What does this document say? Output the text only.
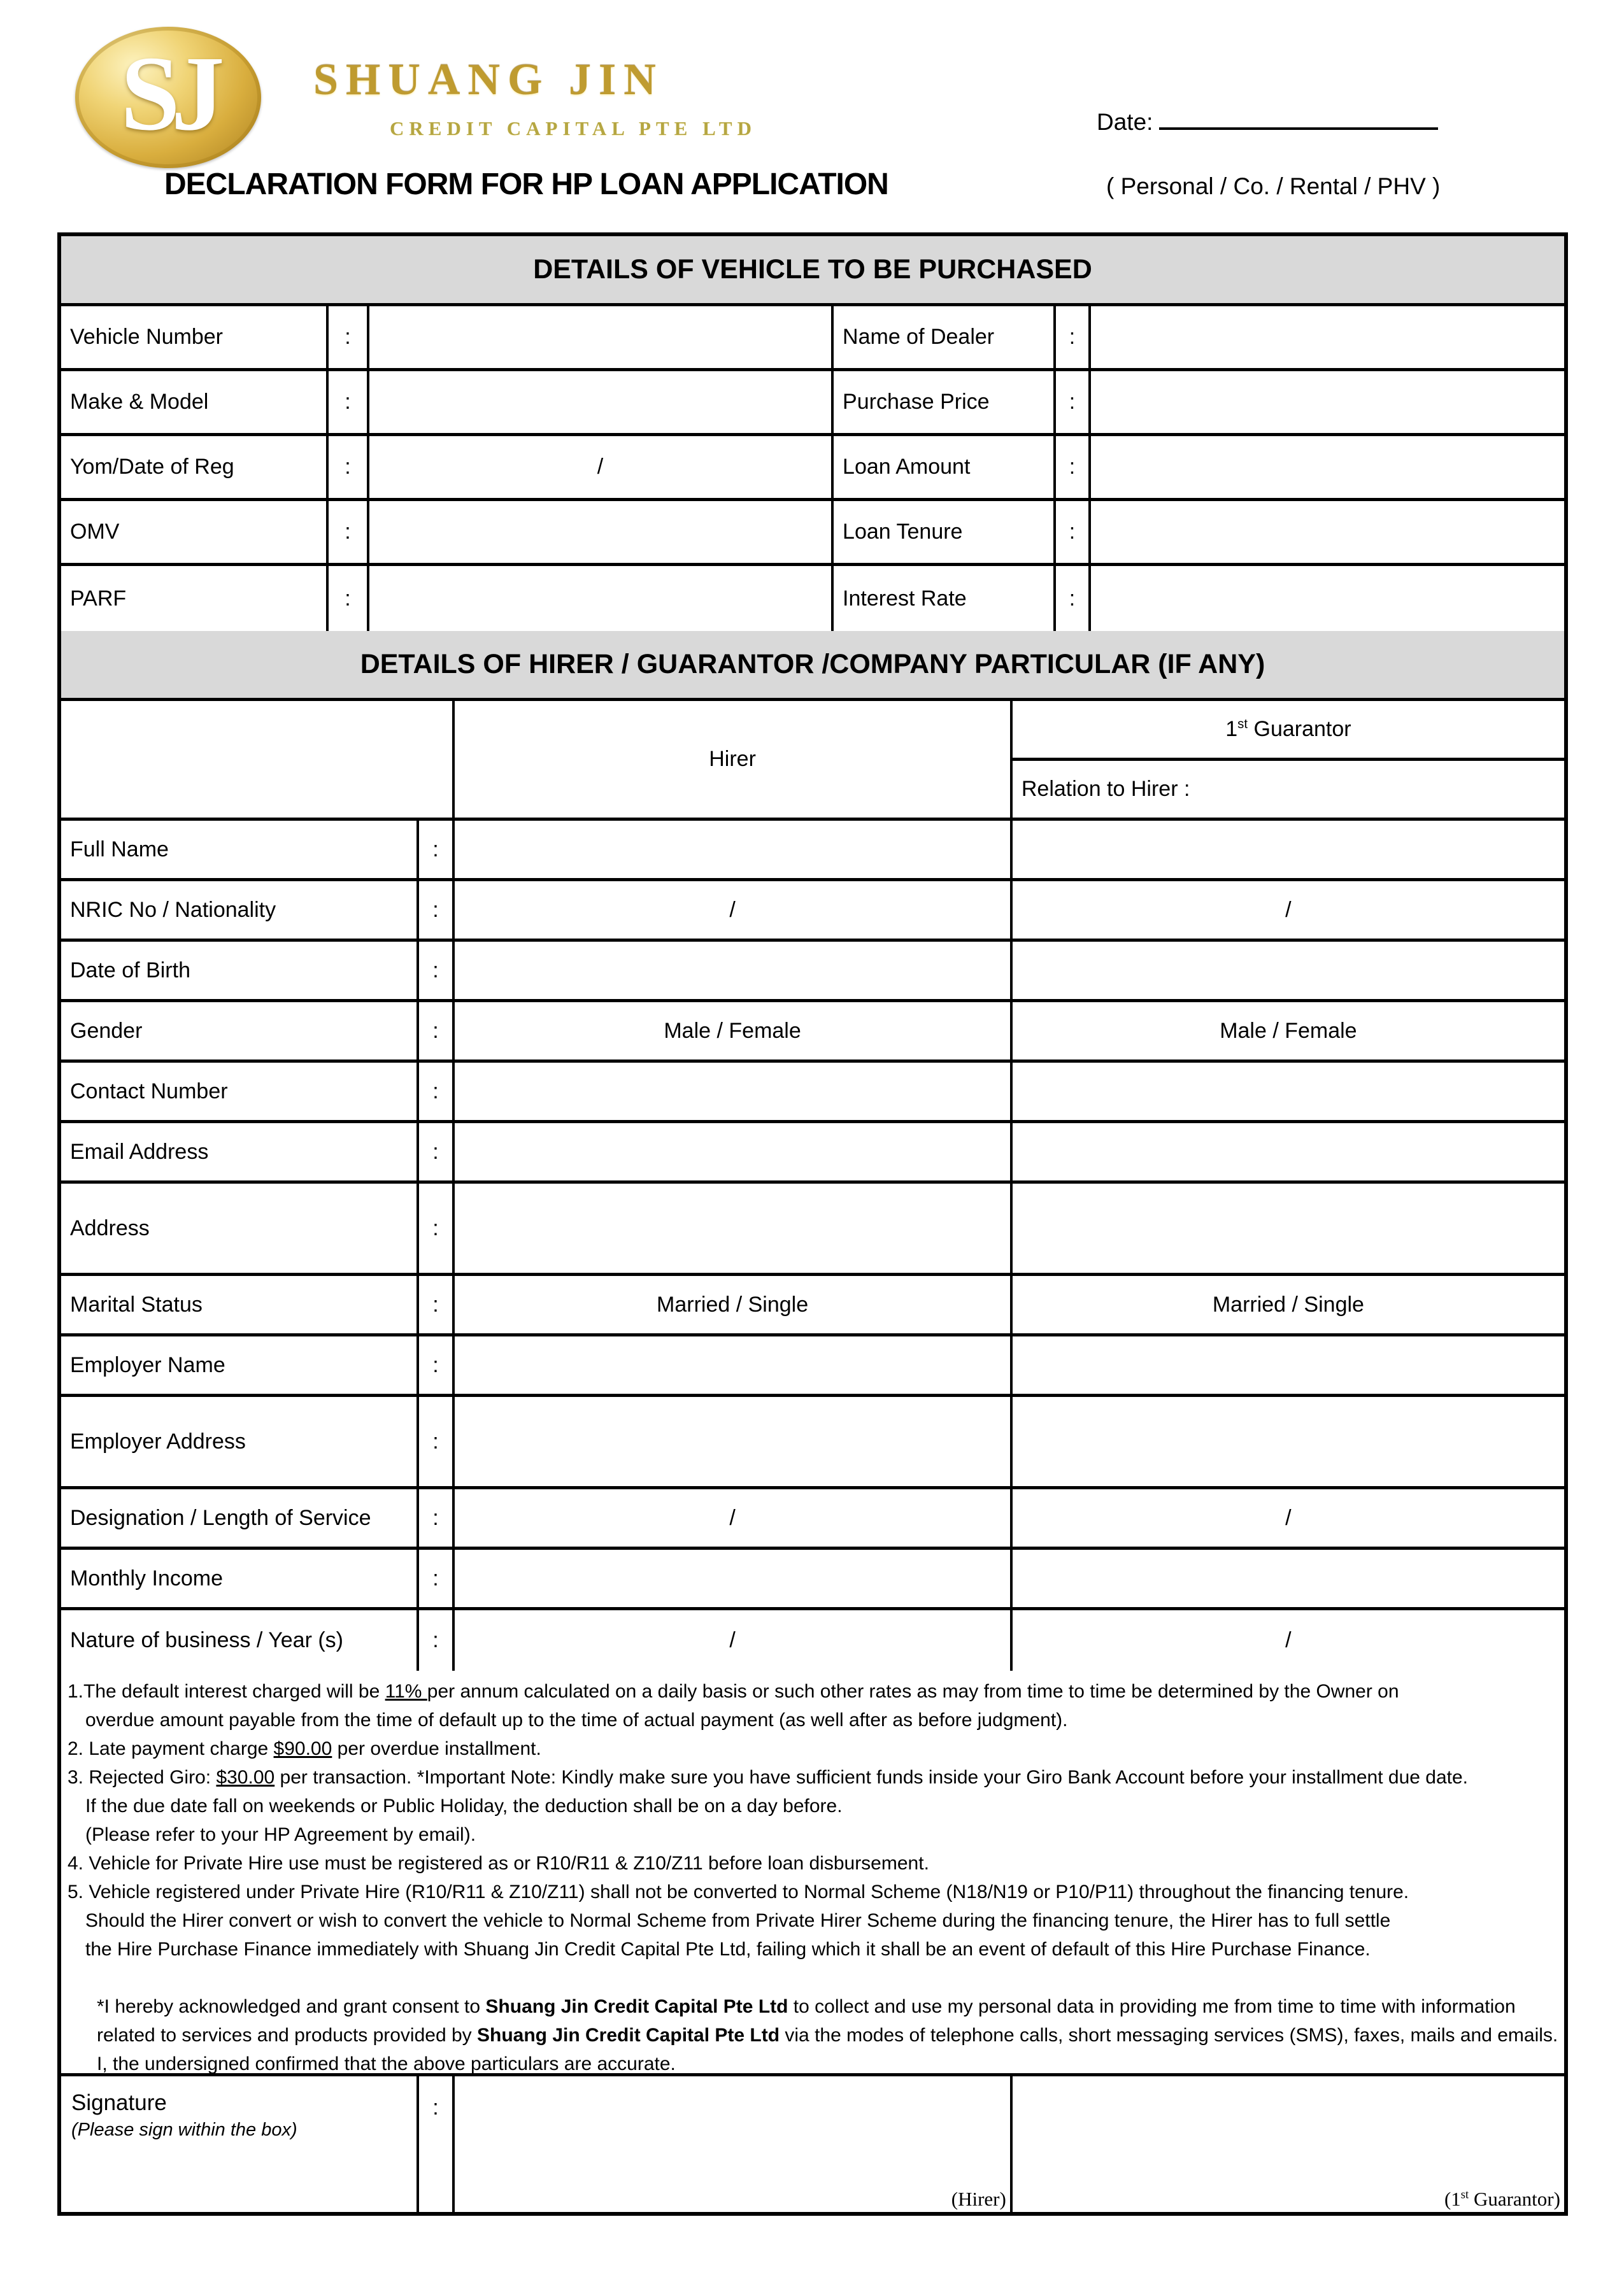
SJ SHUANG JIN
CREDIT CAPITAL PTE LTD	Date:
DECLARATION FORM FOR HP LOAN APPLICATION	( Personal / Co. / Rental / PHV )
DETAILS OF VEHICLE TO BE PURCHASED
Vehicle Number	:	Name of Dealer	:
Make & Model	:	Purchase Price	:
Yom/Date of Reg	:	/	Loan Amount	:
OMV	:	Loan Tenure	:
PARF	:	Interest Rate	:
DETAILS OF HIRER / GUARANTOR /COMPANY PARTICULAR (IF ANY)
Hirer
1st Guarantor
Relation to Hirer :
Full Name	:
NRIC No / Nationality	:	/	/
Date of Birth	:
Gender	:	Male / Female	Male / Female
Contact Number	:
Email Address	:
Address	:
Marital Status	:	Married / Single	Married / Single
Employer Name	:
Employer Address	:
Designation / Length of Service	:	/	/
Monthly Income	:
Nature of business / Year (s)	:	/	/
1.The default interest charged will be 11% per annum calculated on a daily basis or such other rates as may from time to time be determined by the Owner on
overdue amount payable from the time of default up to the time of actual payment (as well after as before judgment).
2. Late payment charge $90.00 per overdue installment.
3. Rejected Giro: $30.00 per transaction. *Important Note: Kindly make sure you have sufficient funds inside your Giro Bank Account before your installment due date.
If the due date fall on weekends or Public Holiday, the deduction shall be on a day before.
(Please refer to your HP Agreement by email).
4. Vehicle for Private Hire use must be registered as or R10/R11 & Z10/Z11 before loan disbursement.
5. Vehicle registered under Private Hire (R10/R11 & Z10/Z11) shall not be converted to Normal Scheme (N18/N19 or P10/P11) throughout the financing tenure.
Should the Hirer convert or wish to convert the vehicle to Normal Scheme from Private Hirer Scheme during the financing tenure, the Hirer has to full settle
the Hire Purchase Finance immediately with Shuang Jin Credit Capital Pte Ltd, failing which it shall be an event of default of this Hire Purchase Finance.
*I hereby acknowledged and grant consent to Shuang Jin Credit Capital Pte Ltd to collect and use my personal data in providing me from time to time with information
related to services and products provided by Shuang Jin Credit Capital Pte Ltd via the modes of telephone calls, short messaging services (SMS), faxes, mails and emails.
I, the undersigned confirmed that the above particulars are accurate.
Signature
(Please sign within the box)
:
(Hirer)	(1st Guarantor)
